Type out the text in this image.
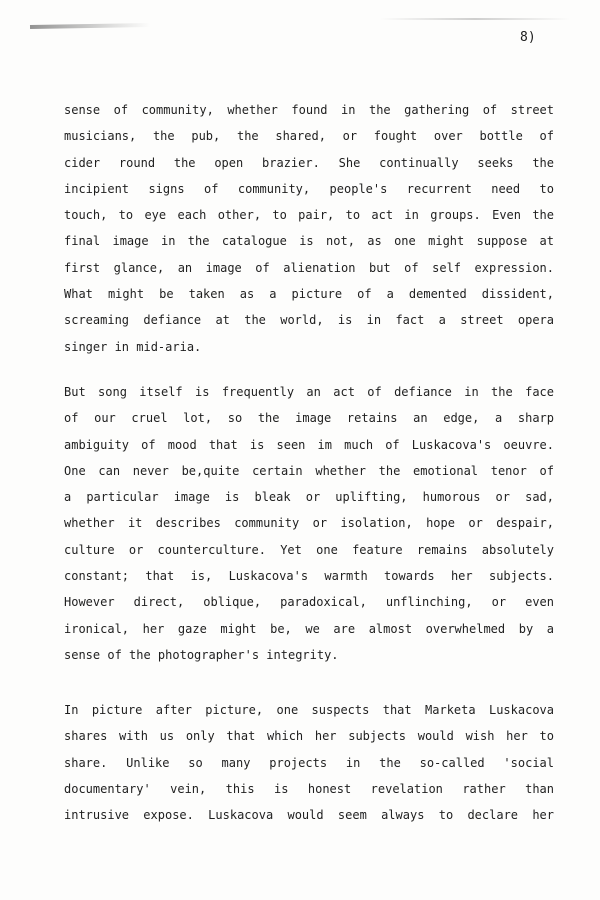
8)
sense of community, whether found in the gathering of street
musicians, the pub, the shared, or fought over bottle of
cider round the open brazier. She continually seeks the
incipient signs of community, people's recurrent need to
touch, to eye each other, to pair, to act in groups. Even the
final image in the catalogue is not, as one might suppose at
first glance, an image of alienation but of self expression.
What might be taken as a picture of a demented dissident,
screaming defiance at the world, is in fact a street opera
singer in mid-aria.
But song itself is frequently an act of defiance in the face
of our cruel lot, so the image retains an edge, a sharp
ambiguity of mood that is seen im much of Luskacova's oeuvre.
One can never be,quite certain whether the emotional tenor of
a particular image is bleak or uplifting, humorous or sad,
whether it describes community or isolation, hope or despair,
culture or counterculture. Yet one feature remains absolutely
constant; that is, Luskacova's warmth towards her subjects.
However direct, oblique, paradoxical, unflinching, or even
ironical, her gaze might be, we are almost overwhelmed by a
sense of the photographer's integrity.
In picture after picture, one suspects that Marketa Luskacova
shares with us only that which her subjects would wish her to
share. Unlike so many projects in the so-called 'social
documentary' vein, this is honest revelation rather than
intrusive expose. Luskacova would seem always to declare her
